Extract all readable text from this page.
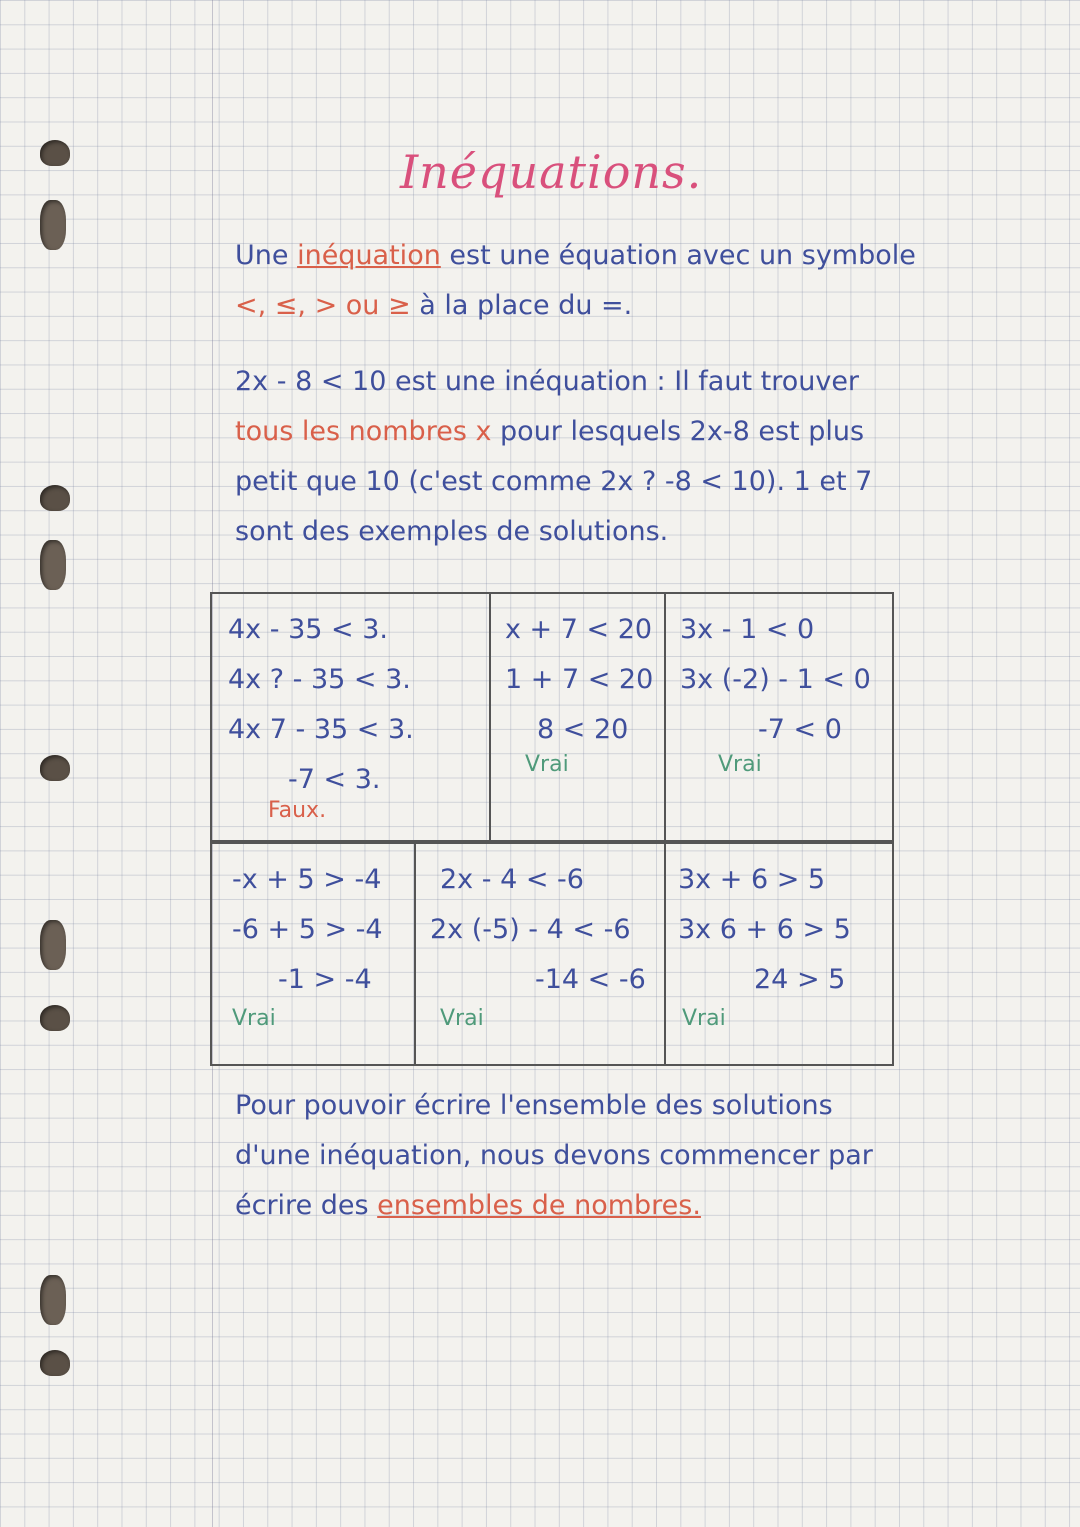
Inéquations.
Une inéquation est une équation avec un symbole
<, ≤, > ou ≥ à la place du =.
2x - 8 < 10 est une inéquation : Il faut trouver
tous les nombres x pour lesquels 2x-8 est plus
petit que 10 (c'est comme 2x ? -8 < 10). 1 et 7
sont des exemples de solutions.
4x - 35 < 3.
4x ? - 35 < 3.
4x 7 - 35 < 3.
-7 < 3.
Faux.
x + 7 < 20
1 + 7 < 20
8 < 20
Vrai
3x - 1 < 0
3x (-2) - 1 < 0
-7 < 0
Vrai
-x + 5 > -4
-6 + 5 > -4
-1 > -4
Vrai
2x - 4 < -6
2x (-5) - 4 < -6
-14 < -6
Vrai
3x + 6 > 5
3x 6 + 6 > 5
24 > 5
Vrai
Pour pouvoir écrire l'ensemble des solutions
d'une inéquation, nous devons commencer par
écrire des ensembles de nombres.
